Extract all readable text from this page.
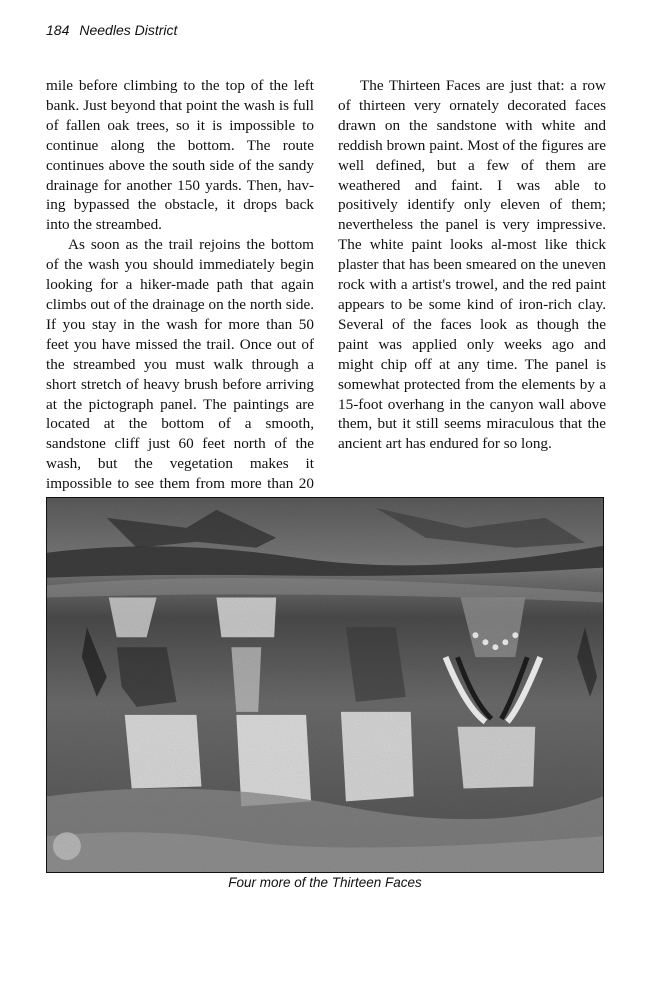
184 Needles District

mile before climbing to the top of the left bank. Just beyond that point the wash is full of fallen oak trees, so it is impossible to continue along the bottom. The route continues above the south side of the sandy drainage for another 150 yards. Then, hav-ing bypassed the obstacle, it drops back into the streambed.

As soon as the trail rejoins the bottom of the wash you should immediately begin looking for a hiker-made path that again climbs out of the drainage on the north side. If you stay in the wash for more than 50 feet you have missed the trail. Once out of the streambed you must walk through a short stretch of heavy brush before arriving at the pictograph panel. The paintings are located at the bottom of a smooth, sandstone cliff just 60 feet north of the wash, but the vegetation makes it impossible to see them from more than 20

The Thirteen Faces are just that: a row of thirteen very ornately decorated faces drawn on the sandstone with white and reddish brown paint. Most of the figures are well defined, but a few of them are weathered and faint. I was able to positively identify only eleven of them; nevertheless the panel is very impressive. The white paint looks al-most like thick plaster that has been smeared on the uneven rock with a artist's trowel, and the red paint appears to be some kind of iron-rich clay. Several of the faces look as though the paint was applied only weeks ago and might chip off at any time. The panel is somewhat protected from the elements by a 15-foot overhang in the canyon wall above them, but it still seems miraculous that the ancient art has endured for so long.

Four more of the Thirteen Faces
